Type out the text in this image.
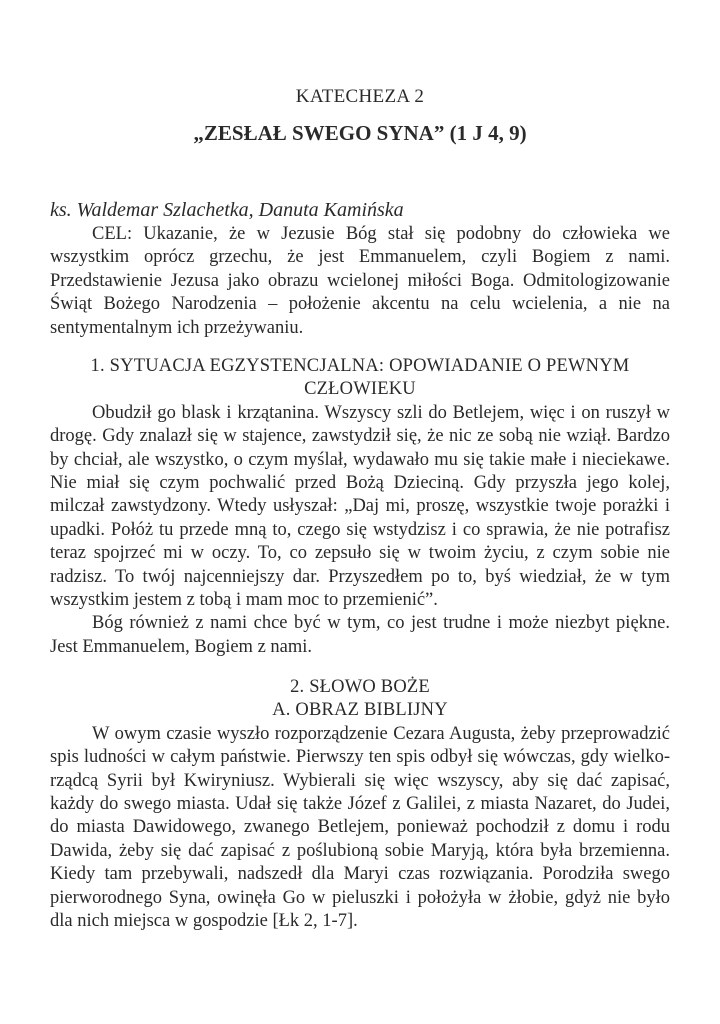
KATECHEZA 2
„ZESŁAŁ SWEGO SYNA” (1 J 4, 9)
ks. Waldemar Szlachetka, Danuta Kamińska

CEL: Ukazanie, że w Jezusie Bóg stał się podobny do człowieka we wszystkim oprócz grzechu, że jest Emmanuelem, czyli Bogiem z nami. Przedstawienie Jezusa jako obrazu wcielonej miłości Boga. Odmitologizowanie Świąt Bożego Narodzenia – położenie akcentu na celu wcielenia, a nie na sentymentalnym ich przeżywaniu.

1. SYTUACJA EGZYSTENCJALNA: OPOWIADANIE O PEWNYM
CZŁOWIEKU

Obudził go blask i krzątanina. Wszyscy szli do Betlejem, więc i on ruszył w drogę. Gdy znalazł się w stajence, zawstydził się, że nic ze sobą nie wziął. Bardzo by chciał, ale wszystko, o czym myślał, wydawało mu się takie małe i nieciekawe. Nie miał się czym pochwalić przed Bożą Dzieciną. Gdy przyszła jego kolej, milczał zawstydzony. Wtedy usłyszał: „Daj mi, proszę, wszystkie twoje porażki i upadki. Połóż tu przede mną to, czego się wstydzisz i co sprawia, że nie potrafisz teraz spojrzeć mi w oczy. To, co zepsuło się w twoim życiu, z czym sobie nie radzisz. To twój najcenniejszy dar. Przyszedłem po to, byś wiedział, że w tym wszystkim jestem z tobą i mam moc to przemienić”.

Bóg również z nami chce być w tym, co jest trudne i może niezbyt piękne. Jest Emmanuelem, Bogiem z nami.

2. SŁOWO BOŻE
A. OBRAZ BIBLIJNY

W owym czasie wyszło rozporządzenie Cezara Augusta, żeby przeprowadzić spis ludności w całym państwie. Pierwszy ten spis odbył się wówczas, gdy wielkorządcą Syrii był Kwiryniusz. Wybierali się więc wszyscy, aby się dać zapisać, każdy do swego miasta. Udał się także Józef z Galilei, z miasta Nazaret, do Judei, do miasta Dawidowego, zwanego Betlejem, ponieważ pochodził z domu i rodu Dawida, żeby się dać zapisać z poślubioną sobie Maryją, która była brzemienna. Kiedy tam przebywali, nadszedł dla Maryi czas rozwiązania. Porodziła swego pierworodnego Syna, owinęła Go w pieluszki i położyła w żłobie, gdyż nie było dla nich miejsca w gospodzie [Łk 2, 1-7].
